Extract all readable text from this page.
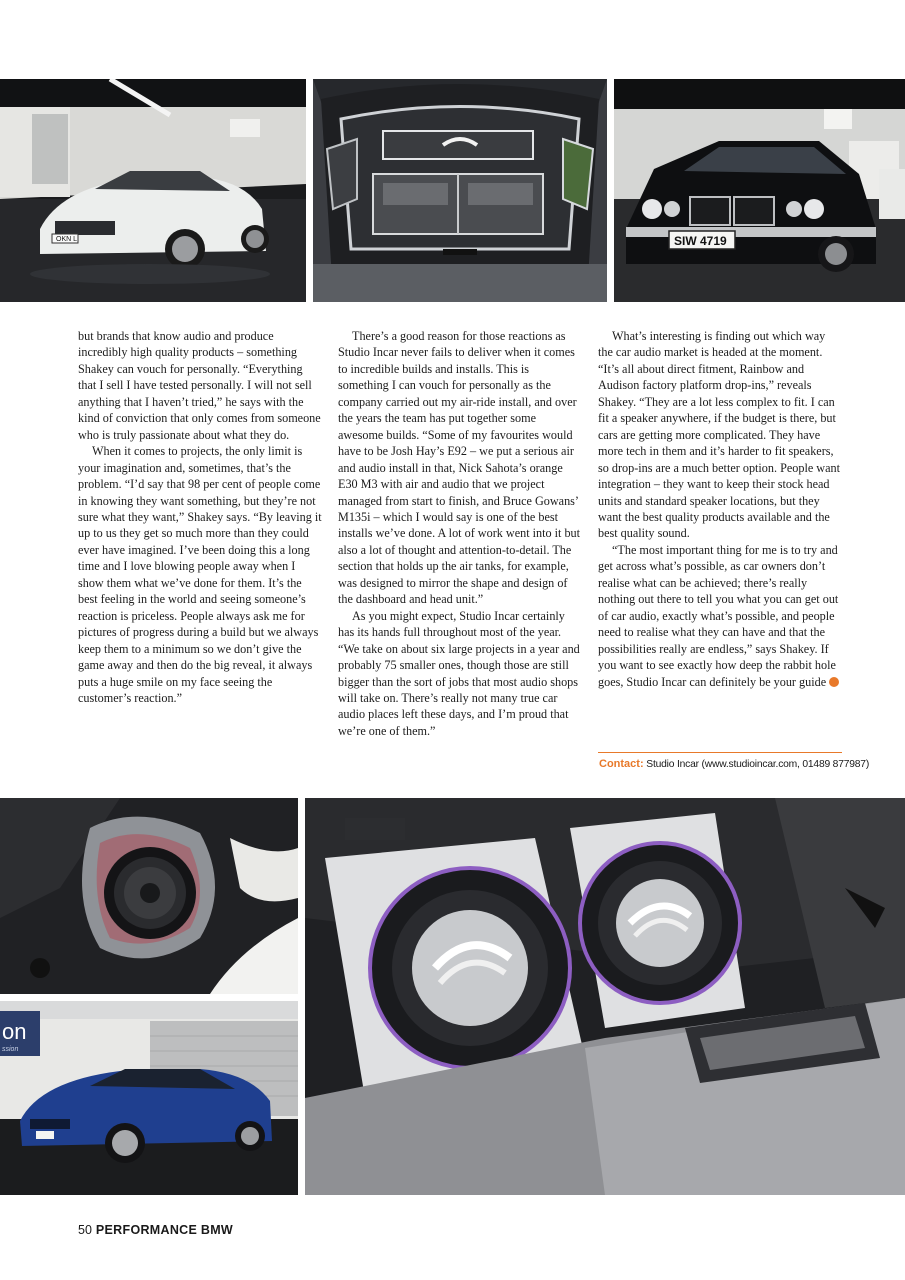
OKN L	SIW 4719

but brands that know audio and produce incredibly high quality products – something Shakey can vouch for personally. “Everything that I sell I have tested personally. I will not sell anything that I haven’t tried,” he says with the kind of conviction that only comes from someone who is truly passionate about what they do.

When it comes to projects, the only limit is your imagination and, sometimes, that’s the problem. “I’d say that 98 per cent of people come in knowing they want something, but they’re not sure what they want,” Shakey says. “By leaving it up to us they get so much more than they could ever have imagined. I’ve been doing this a long time and I love blowing people away when I show them what we’ve done for them. It’s the best feeling in the world and seeing someone’s reaction is priceless. People always ask me for pictures of progress during a build but we always keep them to a minimum so we don’t give the game away and then do the big reveal, it always puts a huge smile on my face seeing the customer’s reaction.”

There’s a good reason for those reactions as Studio Incar never fails to deliver when it comes to incredible builds and installs. This is something I can vouch for personally as the company carried out my air-ride install, and over the years the team has put together some awesome builds. “Some of my favourites would have to be Josh Hay’s E92 – we put a serious air and audio install in that, Nick Sahota’s orange E30 M3 with air and audio that we project managed from start to finish, and Bruce Gowans’ M135i – which I would say is one of the best installs we’ve done. A lot of work went into it but also a lot of thought and attention-to-detail. The section that holds up the air tanks, for example, was designed to mirror the shape and design of the dashboard and head unit.”

As you might expect, Studio Incar certainly has its hands full throughout most of the year. “We take on about six large projects in a year and probably 75 smaller ones, though those are still bigger than the sort of jobs that most audio shops will take on. There’s really not many true car audio places left these days, and I’m proud that we’re one of them.”

What’s interesting is finding out which way the car audio market is headed at the moment. “It’s all about direct fitment, Rainbow and Audison factory platform drop-ins,” reveals Shakey. “They are a lot less complex to fit. I can fit a speaker anywhere, if the budget is there, but cars are getting more complicated. They have more tech in them and it’s harder to fit speakers, so drop-ins are a much better option. People want integration – they want to keep their stock head units and standard speaker locations, but they want the best quality products available and the best quality sound.

“The most important thing for me is to try and get across what’s possible, as car owners don’t realise what can be achieved; there’s really nothing out there to tell you what you can get out of car audio, exactly what’s possible, and people need to realise what they can have and that the possibilities really are endless,” says Shakey. If you want to see exactly how deep the rabbit hole goes, Studio Incar can definitely be your guide

Contact: Studio Incar (www.studioincar.com, 01489 877987)
on
ssion
50 PERFORMANCE BMW
